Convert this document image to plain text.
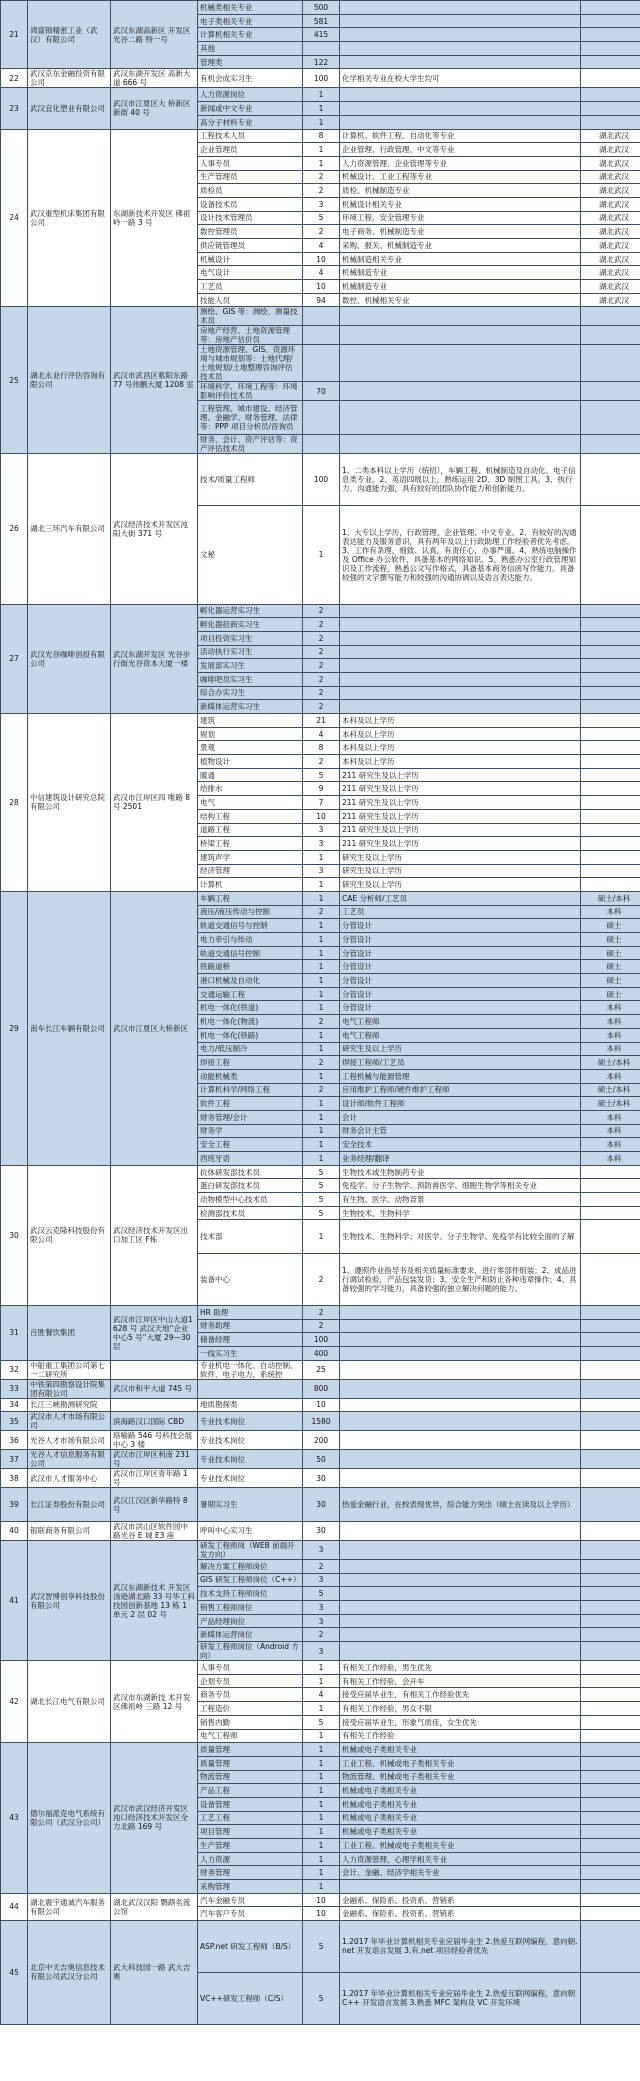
21	鸿富锦精密工业（武汉）有限公司	武汉东湖高新区 开发区光谷二路 特一号	机械类相关专业	500		
			电子类相关专业	581		
			计算机相关专业	415		
			其他			
			管理类	122		
22	武汉京东金融投资有限公司	武汉东湖开发区 高新大道 666 号	有机会成实习生	100	化学相关专业在校大学生均可	
23	武汉宜化塑业有限公司	武汉市江夏区大 桥新区新街 40 号	人力资源岗位	1		
			新闻或中文专业	1		
			高分子材料专业	1		
24	武汉重型机床集团有限公司	东湖新技术开发区 佛祖岭一路 3 号	工程技术人员	8	计算机、软件工程、自动化等专业	湖北武汉
			企业管理员	1	企业管理、行政管理、中文等专业	湖北武汉
			人事专员	1	人力资源管理、企业管理等专业	湖北武汉
			生产管理员	2	机械设计、工业工程等专业	湖北武汉
			质检员	2	质检、机械制造专业	湖北武汉
			设备技术员	3	机械设计相关专业	湖北武汉
			设计技术管理员	5	环境工程、安全管理专业	湖北武汉
			数控管理员	2	电子商务、机械制造专业	湖北武汉
			供应链管理员	4	采购、报关、机械制造专业	湖北武汉
			机械设计	10	机械制造相关专业	湖北武汉
			电气设计	4	机械制造专业	湖北武汉
			工艺员	10	机械制造专业	湖北武汉
			技能人员	94	数控、机械相关专业	湖北武汉
25	湖北永业行评估咨询有限公司	武汉市武昌区紫阳东路 77 号伟鹏大厦 1208 室	测绘、GIS 等：测绘、测量技术员			
			房地产经营、土地资源管理等：房地产估价员			
			土地资源管理、GIS、资源环境与城市规划等：土地代理/土地规划/土地整理咨询评估技术员			
			环境科学、环境工程等：环境影响评价技术员	70		
			工程管理、城市建设、经济管理、金融学、财务管理、法律等：PPP 项目分析员/咨询员			
			财务、会计、资产评估等：资产评估技术员			
26	湖北三环汽车有限公司	武汉经济技术开发区沌阳大街 371 号	技术/质量工程师	100	1、二类本科以上学历（统招），车辆工程、机械制造及自动化、电子信息类专业。2、英语四级以上，熟练运用 2D、3D 制图工具。3、执行力、沟通能力强，具有较好的团队协作能力和创新能力。	
			文秘	1	1、大专以上学历，行政管理、企业管理、中文专业。2、有较好的沟通表达能力及服务意识，具有两年及以上行政助理工作经验者优先考虑。3、工作有条理，细致、认真，有责任心，办事严谨。4、熟练电脑操作及 Office 办公软件，具备基本的网络知识。5、熟悉办公室行政管理知识及工作流程，熟悉公文写作格式，具备基本商务信函写作能力。具备较强的文字撰写能力和较强的沟通协调以及语言表达能力。	
27	武汉光谷咖啡创投有限公司	武汉东湖开发区 光谷步行街光谷资本大厦一楼	孵化器运营实习生	2		
			孵化器招商实习生	2		
			项目投资实习生	2		
			活动执行实习生	2		
			发展部实习生	2		
			咖啡吧员实习生	2		
			综合办实习生	2		
			新媒体运营实习生	2		
28	中信建筑设计研究总院有限公司	武汉市江岸区四 唯路 8 号 2501	建筑	21	本科及以上学历	
			规划	4	本科及以上学历	
			景观	8	本科及以上学历	
			植物设计	2	本科及以上学历	
			暖通	5	211 研究生及以上学历	
			给排水	9	211 研究生及以上学历	
			电气	7	211 研究生及以上学历	
			结构工程	10	211 研究生及以上学历	
			道路工程	3	211 研究生及以上学历	
			桥梁工程	3	211 研究生及以上学历	
			建筑声学	1	研究生及以上学历	
			经济管理	3	研究生及以上学历	
			计算机	1	研究生及以上学历	
29	南车长江车辆有限公司	武汉市江夏区大桥新区	车辆工程	1	CAE 分析师/工艺员	硕士/本科
			液压/液压传动与控制	2	工艺员	本科
			轨道交通信号与控制	1	分管设计	硕士
			电力牵引与传动	1	分管设计	硕士
			轨道交通信号控制	1	分管设计	硕士
			铁路道桥	1	分管设计	硕士
			港口机械及自动化	1	分管设计	硕士
			交通运输工程	1	分管设计	硕士
			机电一体化(铁道)	1	分管设计	本科
			机电一体化(物流)	2	电气工程师	本科
			机电一体化(铁路)	1	电气工程师	本科
			电力/低压制冷	1	研究生及以上学历	本科
			焊接工程	2	焊接工程师/工艺员	硕士/本科
			动能机械类	1	工程机械与能源管理	本科
			计算机科学/网络工程	2	应用维护工程师/硬件维护工程师	硕士/本科
			软件工程	1	设计师/软件工程师	硕士/本科
			财务管理/会计	1	会计	本科
			财务学	1	财务会计主管	本科
			安全工程	1	安全技术	本科
			西班牙语	1	业务经理/翻译	本科
30	武汉云克隆科技股份有限公司	武汉经济技术开发区出口加工区 F栋	抗体研发部技术员	5	生物技术或生物制药专业	
			蛋白研发部技术员	5	免疫学、分子生物学、预防兽医学、细胞生物学等相关专业	
			动物模型中心技术员	5	有生物、医学、动物背景	
			检测部技术员	5	生物技术、生物科学	
			技术部	1	生物技术、生物科学；对医学、分子生物学、免疫学有比较全面的了解	
			装备中心	2	1、遵照作业指导书及相关质量标准要求，进行零部件组装；2、成品进行调试检验，产品包装发货；3、安全生产和防止各种违章操作；4、具备较强的学习能力，具备较强的独立解决问题的能力。	
31	百胜餐饮集团	武汉市江岸区中山大道1628 号 武汉天地“企业中心5 号”大厦 29—30 层	HR 助理	2		
			财务助理	2		
			储备经理	100		
			一线实习生	400		
32	中船重工集团公司第七一二研究所		专业机电一体化、自动控制、软件、电子电力、系统控	25		
33	中铁第四勘察设计院集团有限公司	武汉市和平大道 745 号		800		
34	长江三峡勘测研究院		地质勘探类	10		
35	武汉市人才市场有限公司	滨海路汉口国际 CBD	专业技术岗位	1580		
36	光谷人才市场有限公司	珞喻路 546 号科技会展中心 3 楼	专业技术岗位	200		
37	光谷人才信息服务有限公司	武汉市江岸区利南 231 号	专业技术岗位	50		
38	武汉市人才服务中心	武汉市江岸区青年路 1 号	专业技术岗位	30		
39	长江证券股份有限公司	武汉江汉区新华路特 8 号	暑期实习生	30	热爱金融行业，在校表现优异，综合能力突出（硕士在读及以上学历）	
40	银联商务有限公司	武汉市洪山区软件园中路光谷 E 城 E3 座	呼叫中心实习生	30		
41	武汉智博创享科技股份有限公司	武汉东湖新技术 开发区汤逊湖北路 33 号华工科技园创新基地 13 栋 1 单元 2 层 02 号	研发工程师岗（WEB 前端开发方向）	3		
			解决方案工程师岗位	2		
			GIS 研发工程师岗位（C++）	3		
			技术支持工程师岗位	5		
			销售工程师岗位	3		
			产品经理岗位	3		
			新媒体运营岗位	2		
			研发工程师岗位（Android 方向）	3		
42	湖北长江电气有限公司	武汉市东湖新技 术开发区佛祖岭 三路 12 号	人事专员	1	有相关工作经验，男生优先	
			企划专员	1	有相关工作经验，会开车	
			商务专员	4	接受应届毕业生，有相关工作经验优先	
			工程造价	1	有相关工作经验，男女不限	
			销售内勤	5	接受应届毕业生，形象气质佳，女生优先	
			电气工程师	1	有相关工作经验	
43	德尔福派克电气系统有限公司（武汉分公司）	武汉市武汉经济开发区沌口经济技术开发区全力北路 169 号	质量管理	1	机械或电子类相关专业	
			质量管理	1	工业工程、机械或电子类相关专业	
			物流管理	1	物流管理、机械或电子类相关专业	
			产品工程	1	机械或电子类相关专业	
			设备管理	1	机械或电子类相关专业	
			工艺工程	1	机械或电子类相关专业	
			项目管理	1	机械或电子类相关专业	
			生产管理	1	工业工程、机械或电子类相关专业	
			人力资源	1	人力资源管理、心理学相关专业	
			财务管理	1	会计、金融、经济学相关专业	
			采购管理	1		
44	湖北震宇通诚汽车服务有限公司	湖北武汉汉阳 鹦鹉名流公馆	汽车金融专员	10	金融系、保险系、投资系、营销系	
			汽车客户专员	10	金融系、保险系、投资系、营销系	
45	北京中天吉奥信息技术有限公司武汉分公司	武大科技园一路 武大吉奥	ASP.net 研发工程师（B/S）	5	1.2017 年毕业计算机相关专业应届毕业生 2.热爱互联网编程，意向朝.net 开发语言发展 3.有.net 项目经验者优先	
			VC++研发工程师（C/S）	5	1.2017 年毕业计算机相关专业应届毕业生 2.热爱互联网编程，意向朝 C++ 开发语言发展 3.熟悉 MFC 架构及 VC 开发环境	
